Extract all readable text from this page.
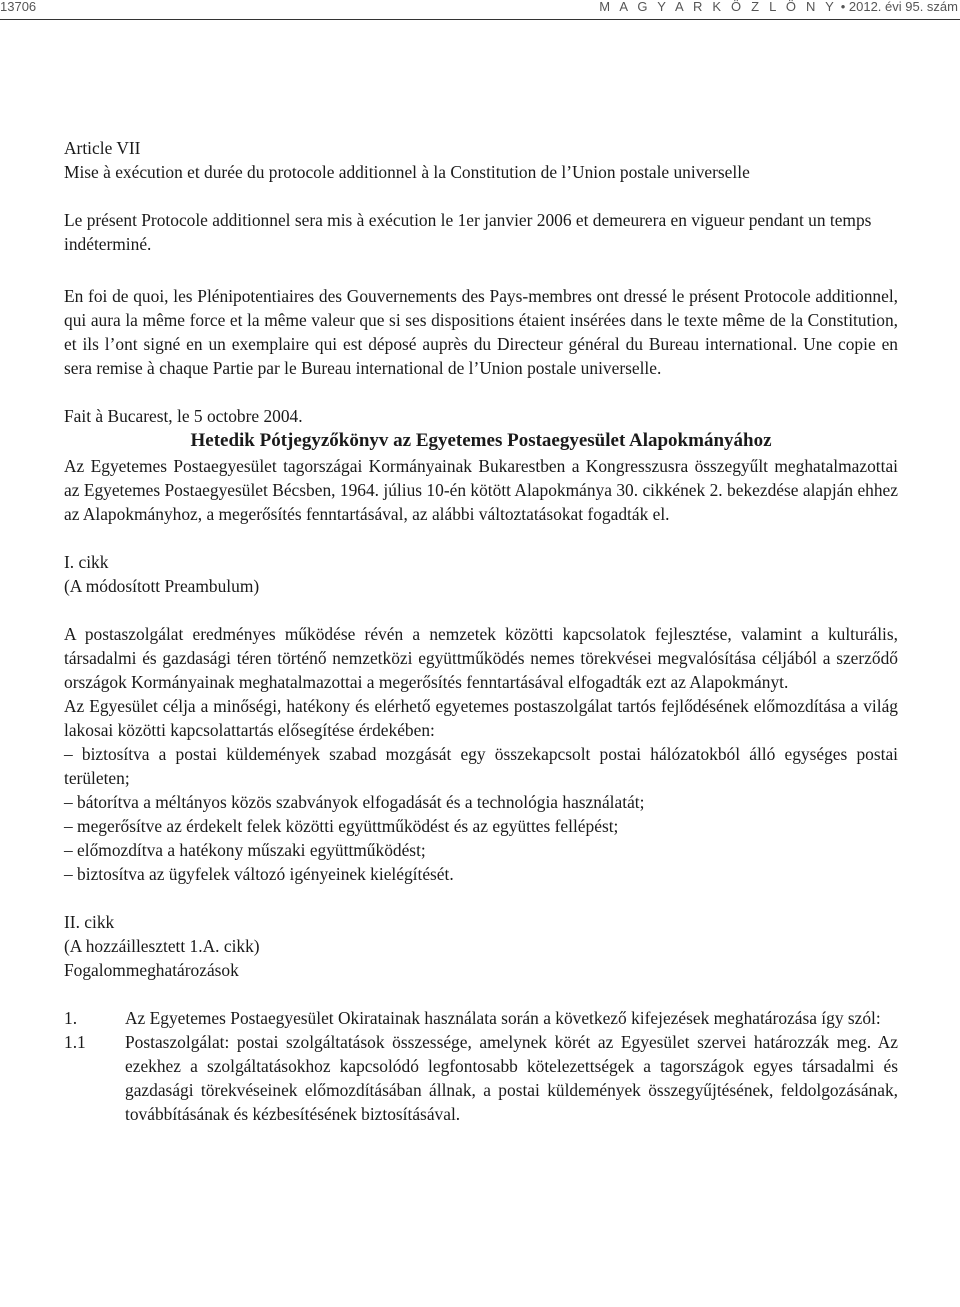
13706	M A G Y A R K Ö Z L Ö N Y • 2012. évi 95. szám

Article VII

Mise à exécution et durée du protocole additionnel à la Constitution de l’Union postale universelle

Le présent Protocole additionnel sera mis à exécution le 1er janvier 2006 et demeurera en vigueur pendant un temps indéterminé.

En foi de quoi, les Plénipotentiaires des Gouvernements des Pays-membres ont dressé le présent Protocole additionnel, qui aura la même force et la même valeur que si ses dispositions étaient insérées dans le texte même de la Constitution, et ils l’ont signé en un exemplaire qui est déposé auprès du Directeur général du Bureau international. Une copie en sera remise à chaque Partie par le Bureau international de l’Union postale universelle.

Fait à Bucarest, le 5 octobre 2004.

Hetedik Pótjegyzőkönyv az Egyetemes Postaegyesület Alapokmányához

Az Egyetemes Postaegyesület tagországai Kormányainak Bukarestben a Kongresszusra összegyűlt meghatalmazottai az Egyetemes Postaegyesület Bécsben, 1964. július 10-én kötött Alapokmánya 30. cikkének 2. bekezdése alapján ehhez az Alapokmányhoz, a megerősítés fenntartásával, az alábbi változtatásokat fogadták el.

I. cikk

(A módosított Preambulum)

A postaszolgálat eredményes működése révén a nemzetek közötti kapcsolatok fejlesztése, valamint a kulturális, társadalmi és gazdasági téren történő nemzetközi együttműködés nemes törekvései megvalósítása céljából a szerződő országok Kormányainak meghatalmazottai a megerősítés fenntartásával elfogadták ezt az Alapokmányt.

Az Egyesület célja a minőségi, hatékony és elérhető egyetemes postaszolgálat tartós fejlődésének előmozdítása a világ lakosai közötti kapcsolattartás elősegítése érdekében:

– biztosítva a postai küldemények szabad mozgását egy összekapcsolt postai hálózatokból álló egységes postai területen;
– bátorítva a méltányos közös szabványok elfogadását és a technológia használatát;
– megerősítve az érdekelt felek közötti együttműködést és az együttes fellépést;
– előmozdítva a hatékony műszaki együttműködést;
– biztosítva az ügyfelek változó igényeinek kielégítését.

II. cikk

(A hozzáillesztett 1.A. cikk)

Fogalommeghatározások

1.	Az Egyetemes Postaegyesület Okiratainak használata során a következő kifejezések meghatározása így szól:
1.1	Postaszolgálat: postai szolgáltatások összessége, amelynek körét az Egyesület szervei határozzák meg. Az ezekhez a szolgáltatásokhoz kapcsolódó legfontosabb kötelezettségek a tagországok egyes társadalmi és gazdasági törekvéseinek előmozdításában állnak, a postai küldemények összegyűjtésének, feldolgozásának, továbbításának és kézbesítésének biztosításával.
